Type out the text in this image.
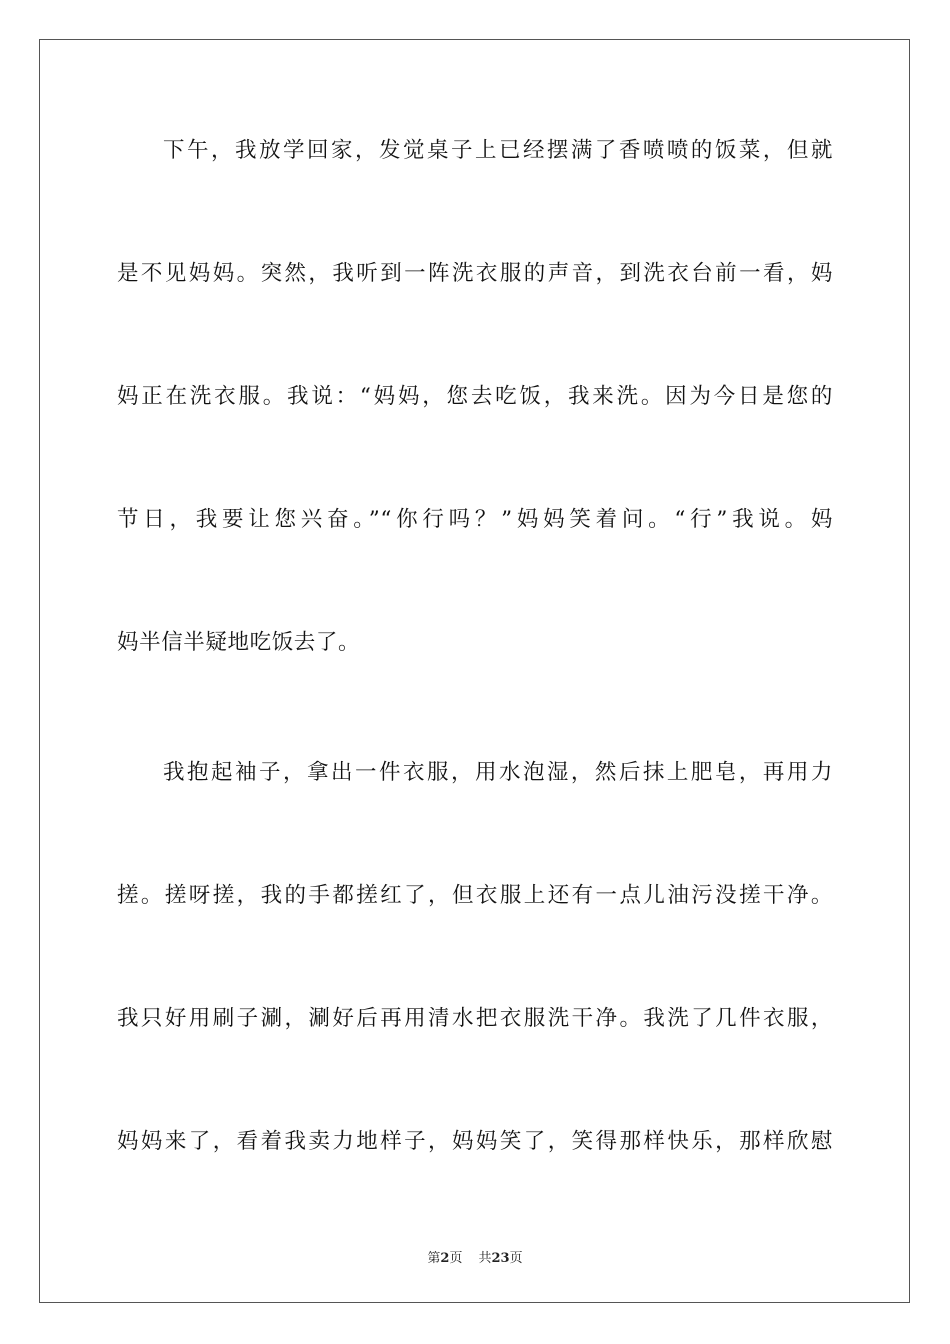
下午，我放学回家，发觉桌子上已经摆满了香喷喷的饭菜，但就
是不见妈妈。突然，我听到一阵洗衣服的声音，到洗衣台前一看，妈
妈正在洗衣服。我说：“妈妈，您去吃饭，我来洗。因为今日是您的
节日，我要让您兴奋。”“你行吗？”妈妈笑着问。“行”我说。妈
妈半信半疑地吃饭去了。
我抱起袖子，拿出一件衣服，用水泡湿，然后抹上肥皂，再用力
搓。搓呀搓，我的手都搓红了，但衣服上还有一点儿油污没搓干净。
我只好用刷子涮，涮好后再用清水把衣服洗干净。我洗了几件衣服，
妈妈来了，看着我卖力地样子，妈妈笑了，笑得那样快乐，那样欣慰
第2页 共23页
